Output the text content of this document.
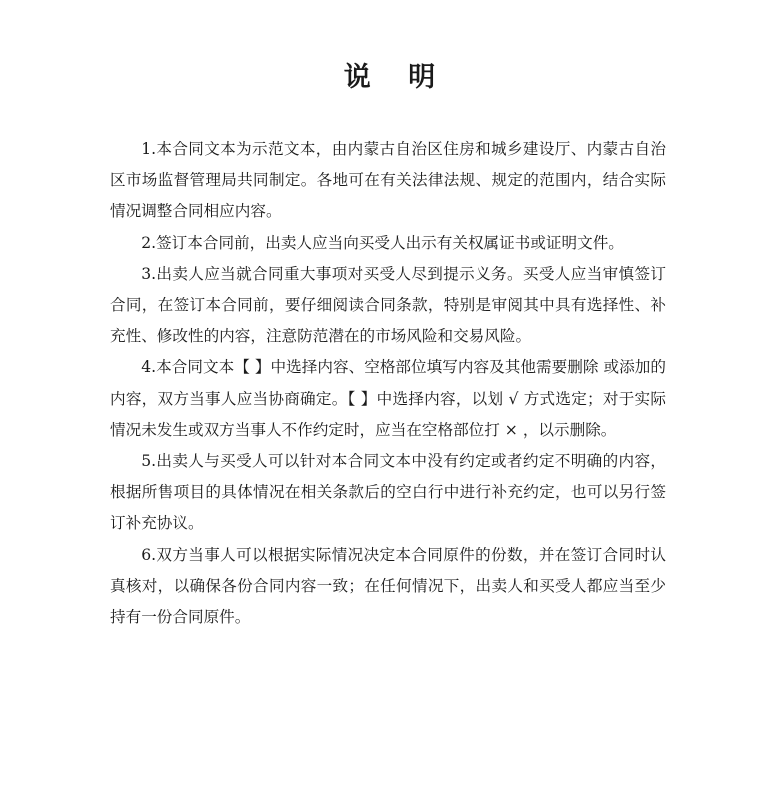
说    明

1.本合同文本为示范文本，由内蒙古自治区住房和城乡建设厅、内蒙古自治区市场监督管理局共同制定。各地可在有关法律法规、规定的范围内，结合实际情况调整合同相应内容。

2.签订本合同前，出卖人应当向买受人出示有关权属证书或证明文件。

3.出卖人应当就合同重大事项对买受人尽到提示义务。买受人应当审慎签订合同，在签订本合同前，要仔细阅读合同条款，特别是审阅其中具有选择性、补充性、修改性的内容，注意防范潜在的市场风险和交易风险。

4.本合同文本【 】中选择内容、空格部位填写内容及其他需要删除 或添加的内容，双方当事人应当协商确定。【 】中选择内容，以划 √ 方式选定；对于实际情况未发生或双方当事人不作约定时，应当在空格部位打 × ，以示删除。

5.出卖人与买受人可以针对本合同文本中没有约定或者约定不明确的内容，根据所售项目的具体情况在相关条款后的空白行中进行补充约定，也可以另行签订补充协议。

6.双方当事人可以根据实际情况决定本合同原件的份数，并在签订合同时认真核对，以确保各份合同内容一致；在任何情况下，出卖人和买受人都应当至少持有一份合同原件。
